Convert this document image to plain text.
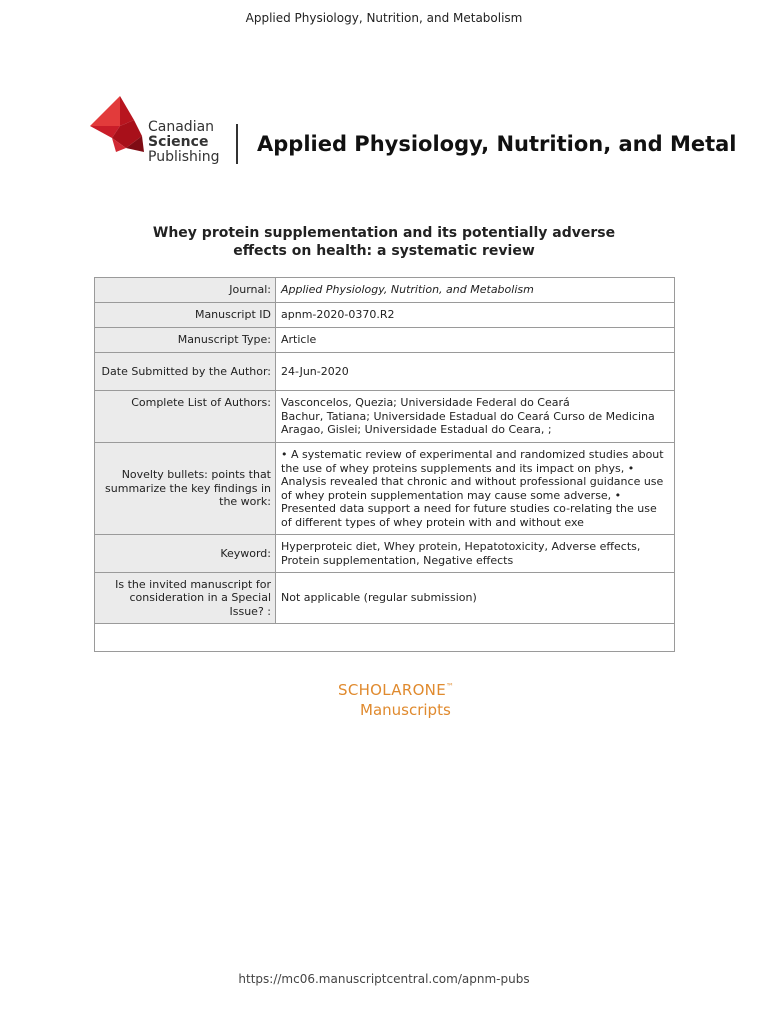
Applied Physiology, Nutrition, and Metabolism
Canadian
Science
Publishing
Applied Physiology, Nutrition, and Metal
Whey protein supplementation and its potentially adverse
effects on health: a systematic review
Journal:	Applied Physiology, Nutrition, and Metabolism
Manuscript ID	apnm-2020-0370.R2
Manuscript Type:	Article
Date Submitted by the Author:	24-Jun-2020
Complete List of Authors:	Vasconcelos, Quezia; Universidade Federal do Ceará
Bachur, Tatiana; Universidade Estadual do Ceará Curso de Medicina
Aragao, Gislei; Universidade Estadual do Ceara, ;

Novelty bullets: points that summarize the key findings in the work:	• A systematic review of experimental and randomized studies about the use of whey proteins supplements and its impact on phys, • Analysis revealed that chronic and without professional guidance use of whey protein supplementation may cause some adverse, • Presented data support a need for future studies co-relating the use of different types of whey protein with and without exe
Keyword:	Hyperproteic diet, Whey protein, Hepatotoxicity, Adverse effects, Protein supplementation, Negative effects
Is the invited manuscript for consideration in a Special Issue? :	Not applicable (regular submission)

SCHOLARONE™
Manuscripts
https://mc06.manuscriptcentral.com/apnm-pubs
